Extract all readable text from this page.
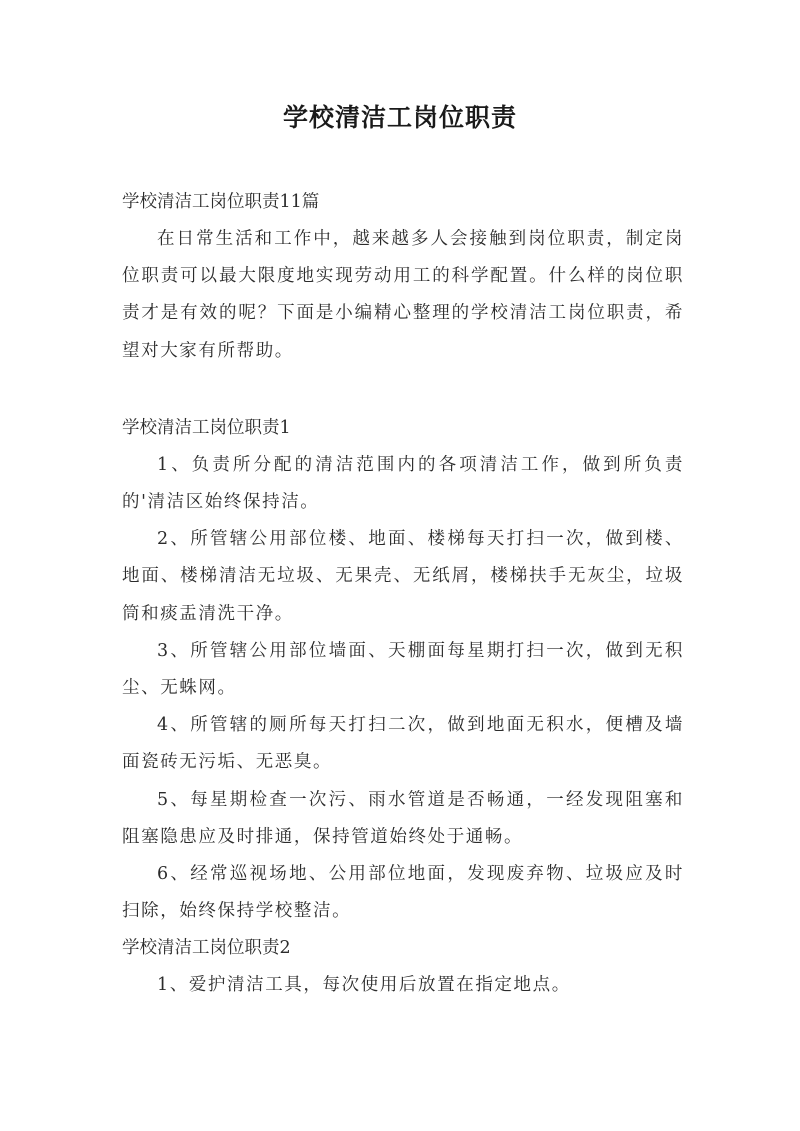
学校清洁工岗位职责

学校清洁工岗位职责11篇

在日常生活和工作中，越来越多人会接触到岗位职责，制定岗位职责可以最大限度地实现劳动用工的科学配置。什么样的岗位职责才是有效的呢？下面是小编精心整理的学校清洁工岗位职责，希望对大家有所帮助。

学校清洁工岗位职责1

1、负责所分配的清洁范围内的各项清洁工作，做到所负责的'清洁区始终保持洁。

2、所管辖公用部位楼、地面、楼梯每天打扫一次，做到楼、地面、楼梯清洁无垃圾、无果壳、无纸屑，楼梯扶手无灰尘，垃圾筒和痰盂清洗干净。

3、所管辖公用部位墙面、天棚面每星期打扫一次，做到无积尘、无蛛网。

4、所管辖的厕所每天打扫二次，做到地面无积水，便槽及墙面瓷砖无污垢、无恶臭。

5、每星期检查一次污、雨水管道是否畅通，一经发现阻塞和阻塞隐患应及时排通，保持管道始终处于通畅。

6、经常巡视场地、公用部位地面，发现废弃物、垃圾应及时扫除，始终保持学校整洁。

学校清洁工岗位职责2

1、爱护清洁工具，每次使用后放置在指定地点。
